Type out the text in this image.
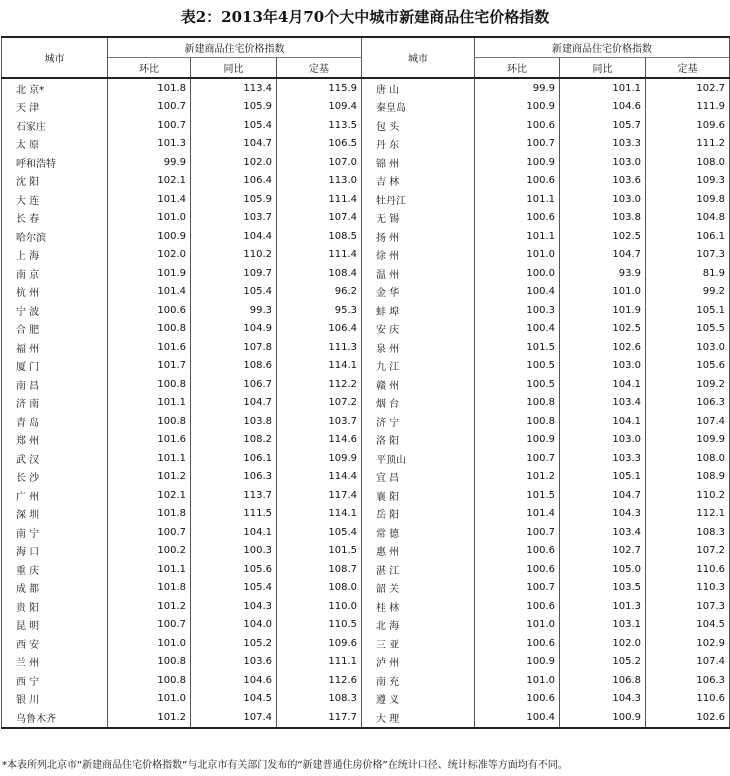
表2：2013年4月70个大中城市新建商品住宅价格指数
城市	新建商品住宅价格指数			城市	新建商品住宅价格指数		
	环比	同比	定基		环比	同比	定基
北 京*	101.8	113.4	115.9	唐 山	99.9	101.1	102.7
天 津	100.7	105.9	109.4	秦皇岛	100.9	104.6	111.9
石家庄	100.7	105.4	113.5	包 头	100.6	105.7	109.6
太 原	101.3	104.7	106.5	丹 东	100.7	103.3	111.2
呼和浩特	99.9	102.0	107.0	锦 州	100.9	103.0	108.0
沈 阳	102.1	106.4	113.0	吉 林	100.6	103.6	109.3
大 连	101.4	105.9	111.4	牡丹江	101.1	103.0	109.8
长 春	101.0	103.7	107.4	无 锡	100.6	103.8	104.8
哈尔滨	100.9	104.4	108.5	扬 州	101.1	102.5	106.1
上 海	102.0	110.2	111.4	徐 州	101.0	104.7	107.3
南 京	101.9	109.7	108.4	温 州	100.0	93.9	81.9
杭 州	101.4	105.4	96.2	金 华	100.4	101.0	99.2
宁 波	100.6	99.3	95.3	蚌 埠	100.3	101.9	105.1
合 肥	100.8	104.9	106.4	安 庆	100.4	102.5	105.5
福 州	101.6	107.8	111.3	泉 州	101.5	102.6	103.0
厦 门	101.7	108.6	114.1	九 江	100.5	103.0	105.6
南 昌	100.8	106.7	112.2	赣 州	100.5	104.1	109.2
济 南	101.1	104.7	107.2	烟 台	100.8	103.4	106.3
青 岛	100.8	103.8	103.7	济 宁	100.8	104.1	107.4
郑 州	101.6	108.2	114.6	洛 阳	100.9	103.0	109.9
武 汉	101.1	106.1	109.9	平顶山	100.7	103.3	108.0
长 沙	101.2	106.3	114.4	宜 昌	101.2	105.1	108.9
广 州	102.1	113.7	117.4	襄 阳	101.5	104.7	110.2
深 圳	101.8	111.5	114.1	岳 阳	101.4	104.3	112.1
南 宁	100.7	104.1	105.4	常 德	100.7	103.4	108.3
海 口	100.2	100.3	101.5	惠 州	100.6	102.7	107.2
重 庆	101.1	105.6	108.7	湛 江	100.6	105.0	110.6
成 都	101.8	105.4	108.0	韶 关	100.7	103.5	110.3
贵 阳	101.2	104.3	110.0	桂 林	100.6	101.3	107.3
昆 明	100.7	104.0	110.5	北 海	101.0	103.1	104.5
西 安	101.0	105.2	109.6	三 亚	100.6	102.0	102.9
兰 州	100.8	103.6	111.1	泸 州	100.9	105.2	107.4
西 宁	100.8	104.6	112.6	南 充	101.0	106.8	106.3
银 川	101.0	104.5	108.3	遵 义	100.6	104.3	110.6
乌鲁木齐	101.2	107.4	117.7	大 理	100.4	100.9	102.6
*本表所列北京市“新建商品住宅价格指数”与北京市有关部门发布的“新建普通住房价格”在统计口径、统计标准等方面均有不同。
